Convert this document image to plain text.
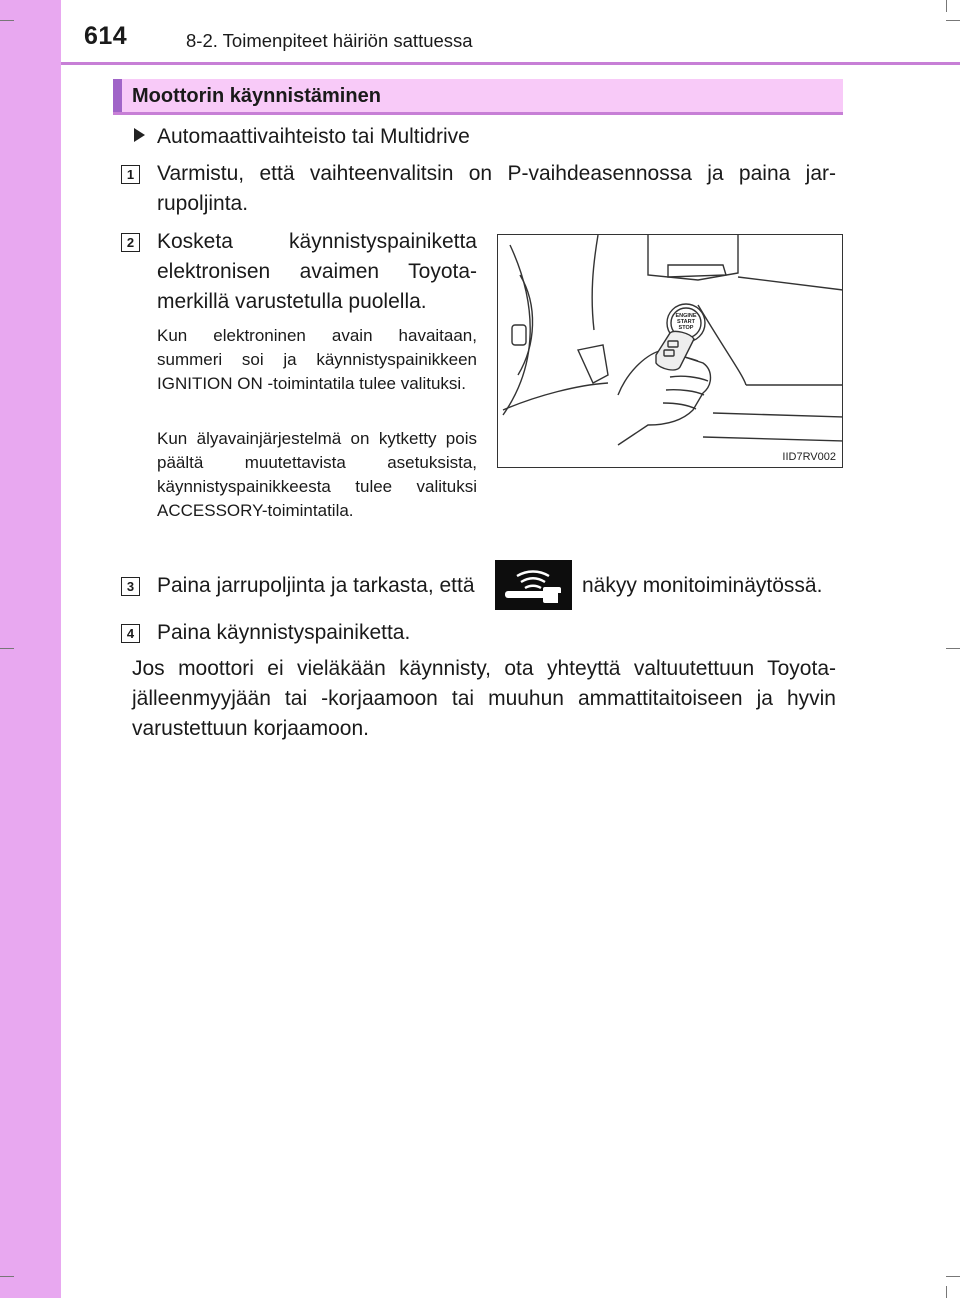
614	8-2. Toimenpiteet häiriön sattuessa
Moottorin käynnistäminen
Automaattivaihteisto tai Multidrive
1 Varmistu, että vaihteenvalitsin on P-vaihdeasennossa ja paina jar-
rupoljinta.
2 Kosketa käynnistyspainiketta
elektronisen avaimen Toyota-
merkillä varustetulla puolella.
Kun elektroninen avain havaitaan, summeri soi ja käynnistyspainikkeen IGNITION ON -toimintatila tulee valituksi.
Kun älyavainjärjestelmä on kytketty pois päältä muutettavista asetuksista, käynnistyspainikkeesta tulee valituksi ACCESSORY-toimintatila.
ENGINE
START
STOP
IID7RV002
3 Paina jarrupoljinta ja tarkasta, että	näkyy monitoiminäytössä.
4 Paina käynnistyspainiketta.
Jos moottori ei vieläkään käynnisty, ota yhteyttä valtuutettuun Toyota-
jälleenmyyjään tai -korjaamoon tai muuhun ammattitaitoiseen ja hyvin
varustettuun korjaamoon.
